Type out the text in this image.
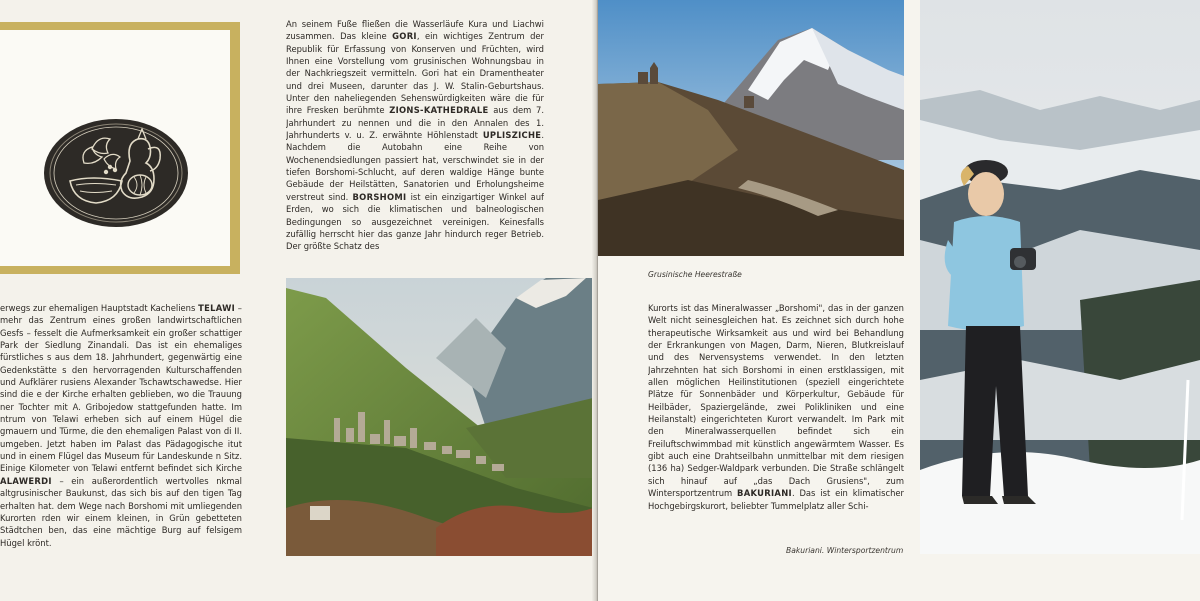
An seinem Fuße fließen die Wasserläufe Kura und Liachwi zusammen. Das kleine GORI, ein wichtiges Zentrum der Republik für Erfassung von Konserven und Früchten, wird Ihnen eine Vorstellung vom grusinischen Wohnungsbau in der Nachkriegszeit vermitteln. Gori hat ein Dramentheater und drei Museen, darunter das J. W. Stalin-Geburtshaus. Unter den naheliegenden Sehenswürdigkeiten wäre die für ihre Fresken berühmte ZIONS-KATHEDRALE aus dem 7. Jahrhundert zu nennen und die in den Annalen des 1. Jahrhunderts v. u. Z. erwähnte Höhlenstadt UPLISZICHE. Nachdem die Autobahn eine Reihe von Wochenendsiedlungen passiert hat, verschwindet sie in der tiefen Borshomi-Schlucht, auf deren waldige Hänge bunte Gebäude der Heilstätten, Sanatorien und Erholungsheime verstreut sind. BORSHOMI ist ein einzigartiger Winkel auf Erden, wo sich die klimatischen und balneologischen Bedingungen so ausgezeichnet vereinigen. Keinesfalls zufällig herrscht hier das ganze Jahr hindurch reger Betrieb. Der größte Schatz des

erwegs zur ehemaligen Hauptstadt Kacheliens TELAWI – mehr das Zentrum eines großen landwirtschaftlichen Gesfs – fesselt die Aufmerksamkeit ein großer schattiger Park der Siedlung Zinandali. Das ist ein ehemaliges fürstliches s aus dem 18. Jahrhundert, gegenwärtig eine Gedenkstätte s den hervorragenden Kulturschaffenden und Aufklärer rusiens Alexander Tschawtschawedse. Hier sind die e der Kirche erhalten geblieben, wo die Trauung ner Tochter mit A. Gribojedow stattgefunden hatte. Im ntrum von Telawi erheben sich auf einem Hügel die gmauern und Türme, die den ehemaligen Palast von di II. umgeben. Jetzt haben im Palast das Pädagogische itut und in einem Flügel das Museum für Landeskunde n Sitz. Einige Kilometer von Telawi entfernt befindet sich Kirche ALAWERDI – ein außerordentlich wertvolles nkmal altgrusinischer Baukunst, das sich bis auf den tigen Tag erhalten hat. dem Wege nach Borshomi mit umliegenden Kurorten rden wir einem kleinen, in Grün gebetteten Städtchen ben, das eine mächtige Burg auf felsigem Hügel krönt.

Grusinische Heerestraße

Kurorts ist das Mineralwasser „Borshomi", das in der ganzen Welt nicht seinesgleichen hat. Es zeichnet sich durch hohe therapeutische Wirksamkeit aus und wird bei Behandlung der Erkrankungen von Magen, Darm, Nieren, Blutkreislauf und des Nervensystems verwendet. In den letzten Jahrzehnten hat sich Borshomi in einen erstklassigen, mit allen möglichen Heilinstitutionen (speziell eingerichtete Plätze für Sonnenbäder und Körperkultur, Gebäude für Heilbäder, Spaziergelände, zwei Polikliniken und eine Heilanstalt) eingerichteten Kurort verwandelt. Im Park mit den Mineralwasserquellen befindet sich ein Freiluftschwimmbad mit künstlich angewärmtem Wasser. Es gibt auch eine Drahtseilbahn unmittelbar mit dem riesigen (136 ha) Sedger-Waldpark verbunden. Die Straße schlängelt sich hinauf auf „das Dach Grusiens", zum Wintersportzentrum BAKURIANI. Das ist ein klimatischer Hochgebirgskurort, beliebter Tummelplatz aller Schi-

Bakuriani. Wintersportzentrum
